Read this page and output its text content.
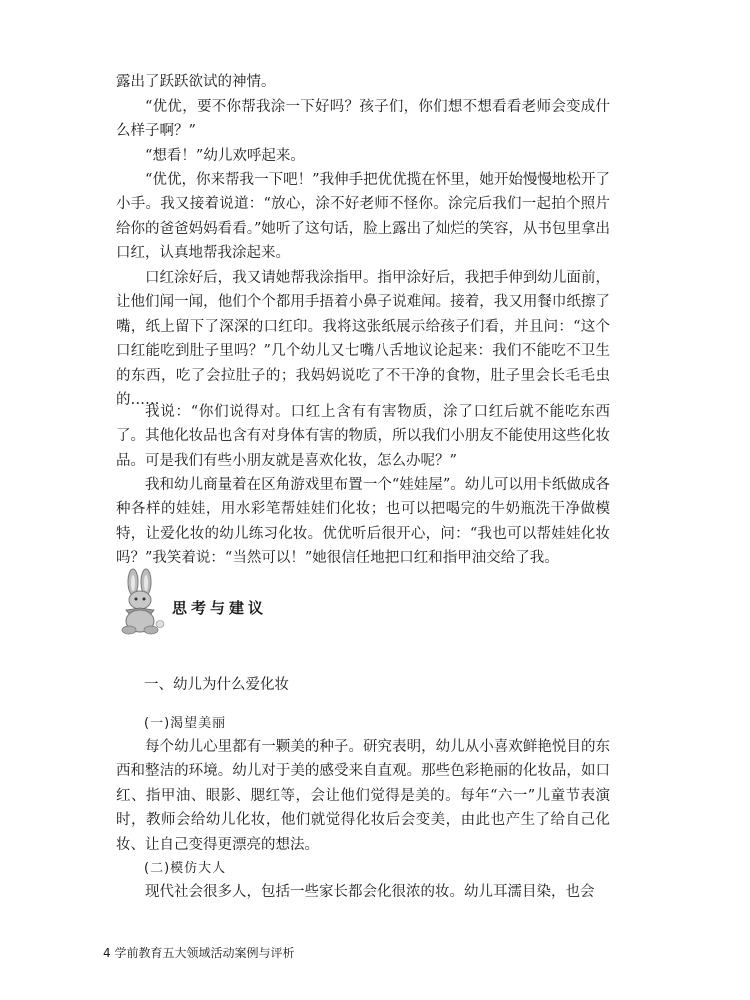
露出了跃跃欲试的神情。

“优优，要不你帮我涂一下好吗？孩子们，你们想不想看看老师会变成什么样子啊？”

“想看！”幼儿欢呼起来。

“优优，你来帮我一下吧！”我伸手把优优揽在怀里，她开始慢慢地松开了小手。我又接着说道：“放心，涂不好老师不怪你。涂完后我们一起拍个照片给你的爸爸妈妈看看。”她听了这句话，脸上露出了灿烂的笑容，从书包里拿出口红，认真地帮我涂起来。

口红涂好后，我又请她帮我涂指甲。指甲涂好后，我把手伸到幼儿面前，让他们闻一闻，他们个个都用手捂着小鼻子说难闻。接着，我又用餐巾纸擦了嘴，纸上留下了深深的口红印。我将这张纸展示给孩子们看，并且问：“这个口红能吃到肚子里吗？”几个幼儿又七嘴八舌地议论起来：我们不能吃不卫生的东西，吃了会拉肚子的；我妈妈说吃了不干净的食物，肚子里会长毛毛虫的……

我说：“你们说得对。口红上含有有害物质，涂了口红后就不能吃东西了。其他化妆品也含有对身体有害的物质，所以我们小朋友不能使用这些化妆品。可是我们有些小朋友就是喜欢化妆，怎么办呢？”

我和幼儿商量着在区角游戏里布置一个“娃娃屋”。幼儿可以用卡纸做成各种各样的娃娃，用水彩笔帮娃娃们化妆；也可以把喝完的牛奶瓶洗干净做模特，让爱化妆的幼儿练习化妆。优优听后很开心，问：“我也可以帮娃娃化妆吗？”我笑着说：“当然可以！”她很信任地把口红和指甲油交给了我。

思考与建议

一、幼儿为什么爱化妆

(一)渴望美丽

每个幼儿心里都有一颗美的种子。研究表明，幼儿从小喜欢鲜艳悦目的东西和整洁的环境。幼儿对于美的感受来自直观。那些色彩艳丽的化妆品，如口红、指甲油、眼影、腮红等，会让他们觉得是美的。每年“六一”儿童节表演时，教师会给幼儿化妆，他们就觉得化妆后会变美，由此也产生了给自己化妆、让自己变得更漂亮的想法。

(二)模仿大人

现代社会很多人，包括一些家长都会化很浓的妆。幼儿耳濡目染，也会

4 学前教育五大领域活动案例与评析
